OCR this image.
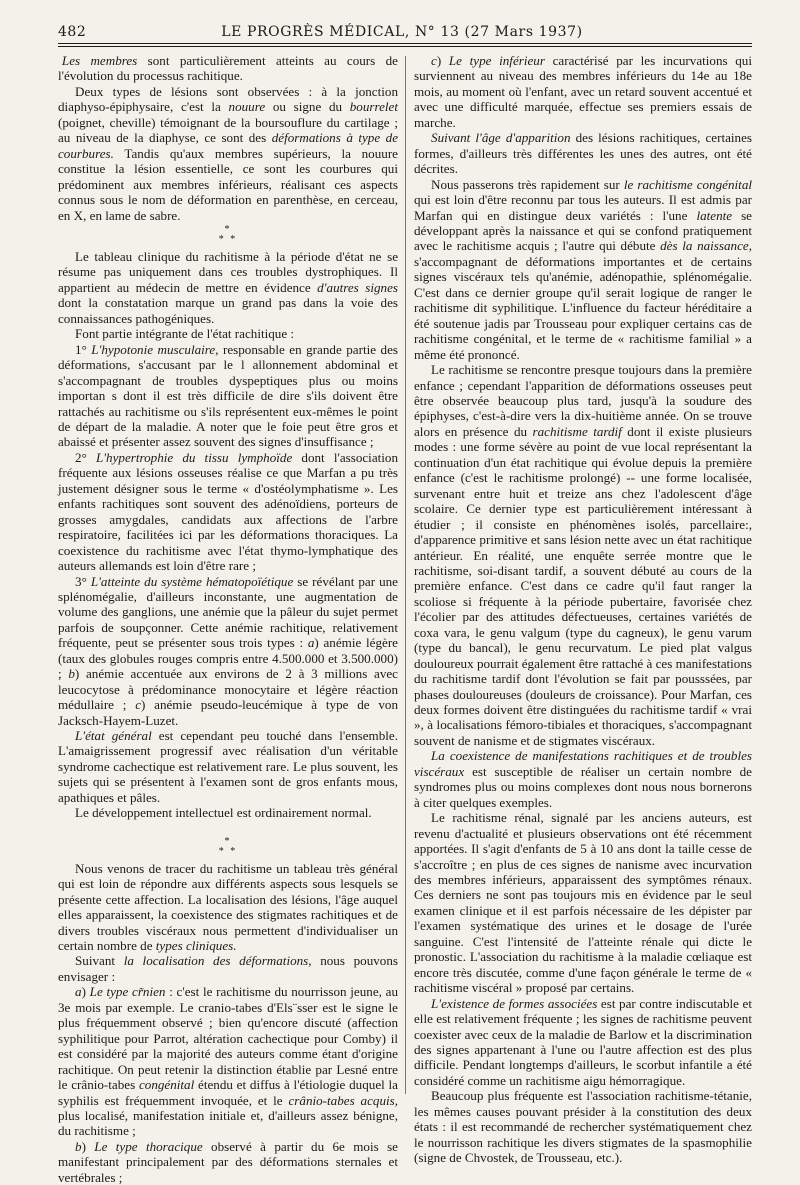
482	LE PROGRÈS MÉDICAL, N° 13 (27 Mars 1937)

Les membres sont particulièrement atteints au cours de l'évolution du processus rachitique.

Deux types de lésions sont observées : à la jonction diaphyso-épiphysaire, c'est la nouure ou signe du bourrelet (poignet, cheville) témoignant de la boursouflure du cartilage ; au niveau de la diaphyse, ce sont des déformations à type de courbures. Tandis qu'aux membres supérieurs, la nouure constitue la lésion essentielle, ce sont les courbures qui prédominent aux membres inférieurs, réalisant ces aspects connus sous le nom de déformation en parenthèse, en cerceau, en X, en lame de sabre.

*
* *

Le tableau clinique du rachitisme à la période d'état ne se résume pas uniquement dans ces troubles dystrophiques. Il appartient au médecin de mettre en évidence d'autres signes dont la constatation marque un grand pas dans la voie des connaissances pathogéniques.

Font partie intégrante de l'état rachitique :

1° L'hypotonie musculaire, responsable en grande partie des déformations, s'accusant par le l allonnement abdominal et s'accompagnant de troubles dyspeptiques plus ou moins importan s dont il est très difficile de dire s'ils doivent être rattachés au rachitisme ou s'ils représentent eux-mêmes le point de départ de la maladie. A noter que le foie peut être gros et abaissé et présenter assez souvent des signes d'insuffisance ;

2° L'hypertrophie du tissu lymphoïde dont l'association fréquente aux lésions osseuses réalise ce que Marfan a pu très justement désigner sous le terme « d'ostéolymphatisme ». Les enfants rachitiques sont souvent des adénoïdiens, porteurs de grosses amygdales, candidats aux affections de l'arbre respiratoire, facilitées ici par les déformations thoraciques. La coexistence du rachitisme avec l'état thymo-lymphatique des auteurs allemands est loin d'être rare ;

3° L'atteinte du système hématopoïétique se révélant par une splénomégalie, d'ailleurs inconstante, une augmentation de volume des ganglions, une anémie que la pâleur du sujet permet parfois de soupçonner. Cette anémie rachitique, relativement fréquente, peut se présenter sous trois types : a) anémie légère (taux des globules rouges compris entre 4.500.000 et 3.500.000) ; b) anémie accentuée aux environs de 2 à 3 millions avec leucocytose à prédominance monocytaire et légère réaction médullaire ; c) anémie pseudo-leucémique à type de von Jacksch-Hayem-Luzet.

L'état général est cependant peu touché dans l'ensemble. L'amaigrissement progressif avec réalisation d'un véritable syndrome cachectique est relativement rare. Le plus souvent, les sujets qui se présentent à l'examen sont de gros enfants mous, apathiques et pâles.

Le développement intellectuel est ordinairement normal.

*
* *

Nous venons de tracer du rachitisme un tableau très général qui est loin de répondre aux différents aspects sous lesquels se présente cette affection. La localisation des lésions, l'âge auquel elles apparaissent, la coexistence des stigmates rachitiques et de divers troubles viscéraux nous permettent d'individualiser un certain nombre de types cliniques.

Suivant la localisation des déformations, nous pouvons envisager :

a) Le type cr̃nien : c'est le rachitisme du nourrisson jeune, au 3e mois par exemple. Le cranio-tabes d'Els¨sser est le signe le plus fréquemment observé ; bien qu'encore discuté (affection syphilitique pour Parrot, altération cachectique pour Comby) il est considéré par la majorité des auteurs comme étant d'origine rachitique. On peut retenir la distinction établie par Lesné entre le crânio-tabes congénital étendu et diffus à l'étiologie duquel la syphilis est fréquemment invoquée, et le crânio-tabes acquis, plus localisé, manifestation initiale et, d'ailleurs assez bénigne, du rachitisme ;

b) Le type thoracique observé à partir du 6e mois se manifestant principalement par des déformations sternales et vertébrales ;

c) Le type inférieur caractérisé par les incurvations qui surviennent au niveau des membres inférieurs du 14e au 18e mois, au moment où l'enfant, avec un retard souvent accentué et avec une difficulté marquée, effectue ses premiers essais de marche.

Suivant l'âge d'apparition des lésions rachitiques, certaines formes, d'ailleurs très différentes les unes des autres, ont été décrites.

Nous passerons très rapidement sur le rachitisme congénital qui est loin d'être reconnu par tous les auteurs. Il est admis par Marfan qui en distingue deux variétés : l'une latente se développant après la naissance et qui se confond pratiquement avec le rachitisme acquis ; l'autre qui débute dès la naissance, s'accompagnant de déformations importantes et de certains signes viscéraux tels qu'anémie, adénopathie, splénomégalie. C'est dans ce dernier groupe qu'il serait logique de ranger le rachitisme dit syphilitique. L'influence du facteur héréditaire a été soutenue jadis par Trousseau pour expliquer certains cas de rachitisme congénital, et le terme de « rachitisme familial » a même été prononcé.

Le rachitisme se rencontre presque toujours dans la première enfance ; cependant l'apparition de déformations osseuses peut être observée beaucoup plus tard, jusqu'à la soudure des épiphyses, c'est-à-dire vers la dix-huitième année. On se trouve alors en présence du rachitisme tardif dont il existe plusieurs modes : une forme sévère au point de vue local représentant la continuation d'un état rachitique qui évolue depuis la première enfance (c'est le rachitisme prolongé) -- une forme localisée, survenant entre huit et treize ans chez l'adolescent d'âge scolaire. Ce dernier type est particulièrement intéressant à étudier ; il consiste en phénomènes isolés, parcellaire:, d'apparence primitive et sans lésion nette avec un état rachitique antérieur. En réalité, une enquête serrée montre que le rachitisme, soi-disant tardif, a souvent débuté au cours de la première enfance. C'est dans ce cadre qu'il faut ranger la scoliose si fréquente à la période pubertaire, favorisée chez l'écolier par des attitudes défectueuses, certaines variétés de coxa vara, le genu valgum (type du cagneux), le genu varum (type du bancal), le genu recurvatum. Le pied plat valgus douloureux pourrait également être rattaché à ces manifestations du rachitisme tardif dont l'évolution se fait par pousssées, par phases douloureuses (douleurs de croissance). Pour Marfan, ces deux formes doivent être distinguées du rachitisme tardif « vrai », à localisations fémoro-tibiales et thoraciques, s'accompagnant souvent de nanisme et de stigmates viscéraux.

La coexistence de manifestations rachitiques et de troubles viscéraux est susceptible de réaliser un certain nombre de syndromes plus ou moins complexes dont nous nous bornerons à citer quelques exemples.

Le rachitisme rénal, signalé par les anciens auteurs, est revenu d'actualité et plusieurs observations ont été récemment apportées. Il s'agit d'enfants de 5 à 10 ans dont la taille cesse de s'accroître ; en plus de ces signes de nanisme avec incurvation des membres inférieurs, apparaissent des symptômes rénaux. Ces derniers ne sont pas toujours mis en évidence par le seul examen clinique et il est parfois nécessaire de les dépister par l'examen systématique des urines et le dosage de l'urée sanguine. C'est l'intensité de l'atteinte rénale qui dicte le pronostic. L'association du rachitisme à la maladie cœliaque est encore très discutée, comme d'une façon générale le terme de « rachitisme viscéral » proposé par certains.

L'existence de formes associées est par contre indiscutable et elle est relativement fréquente ; les signes de rachitisme peuvent coexister avec ceux de la maladie de Barlow et la discrimination des signes appartenant à l'une ou l'autre affection est des plus difficile. Pendant longtemps d'ailleurs, le scorbut infantile a été considéré comme un rachitisme aigu hémorragique.

Beaucoup plus fréquente est l'association rachitisme-tétanie, les mêmes causes pouvant présider à la constitution des deux états : il est recommandé de rechercher systématiquement chez le nourrisson rachitique les divers stigmates de la spasmophilie (signe de Chvostek, de Trousseau, etc.).
